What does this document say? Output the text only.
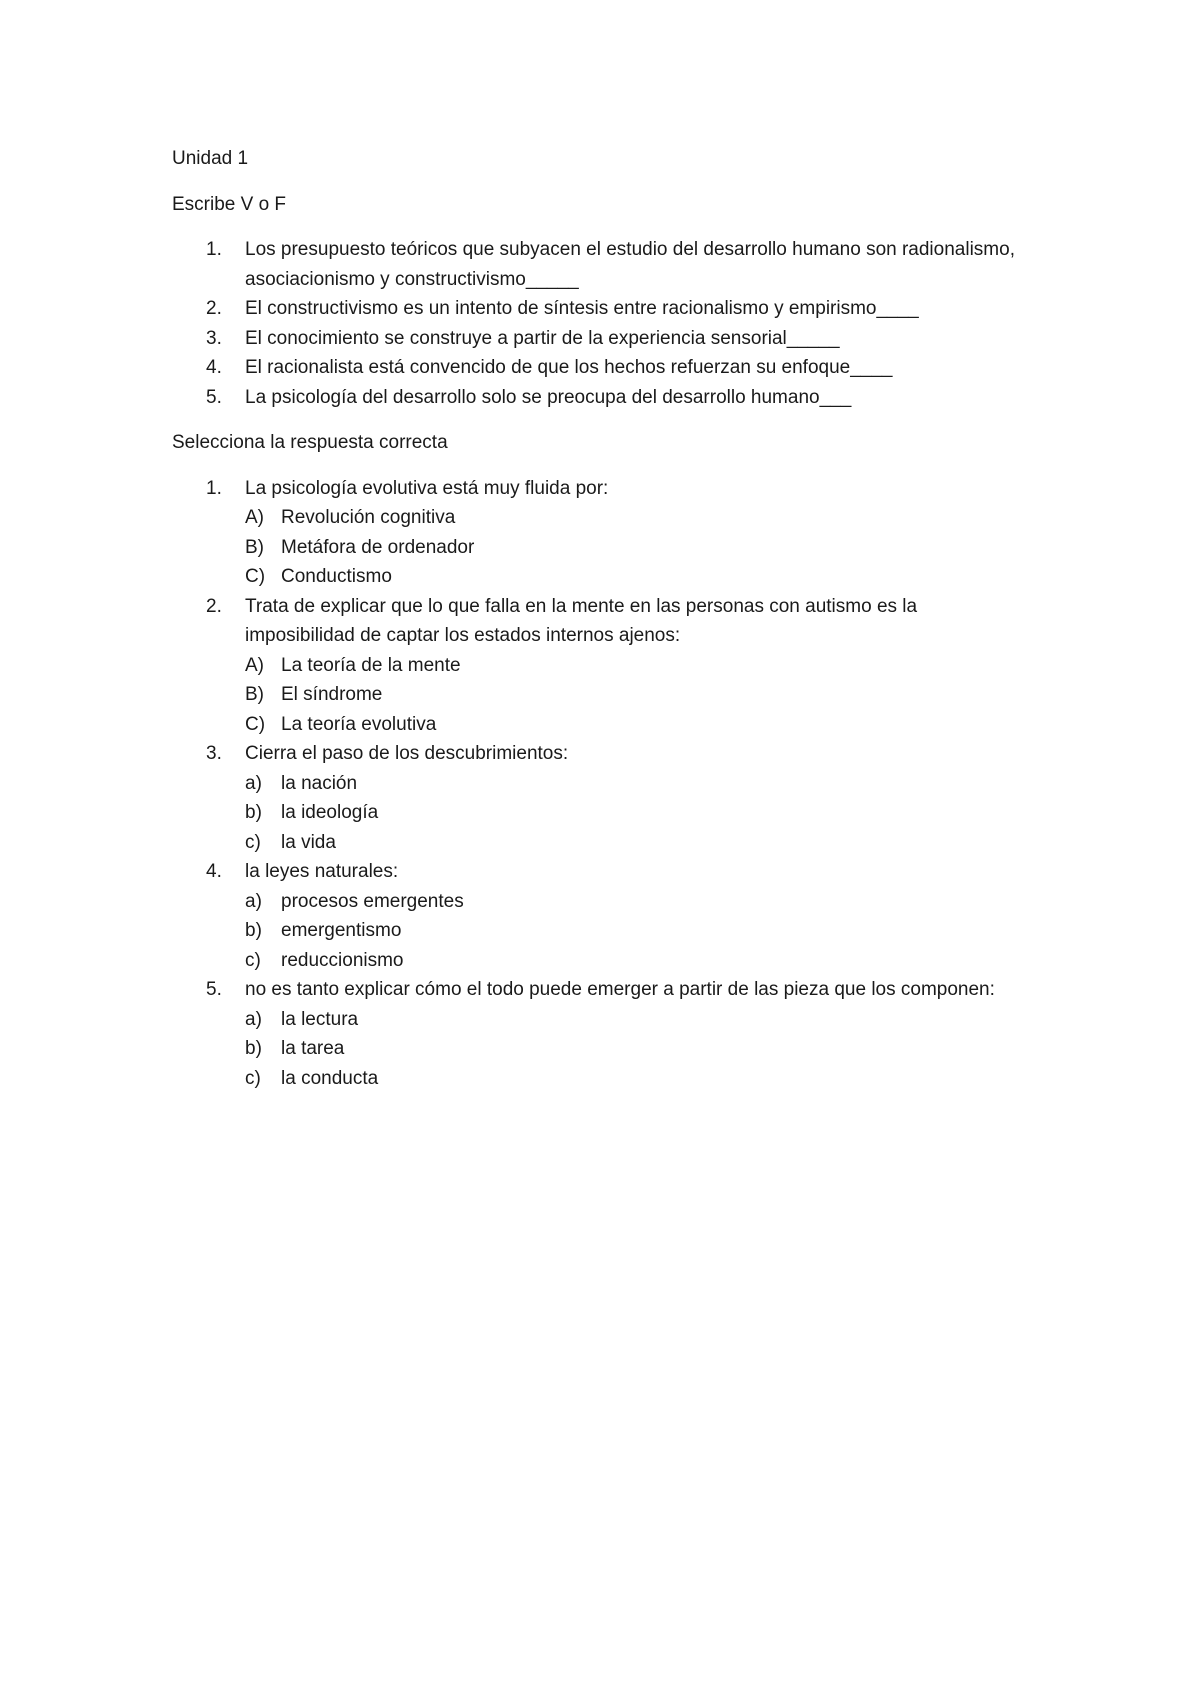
Unidad 1

Escribe V o F

1.	Los presupuesto teóricos que subyacen el estudio del desarrollo humano son radionalismo, asociacionismo y constructivismo_____
2.	El constructivismo es un intento de síntesis entre racionalismo y empirismo____
3.	El conocimiento se construye a partir de la experiencia sensorial_____
4.	El racionalista está convencido de que los hechos refuerzan su enfoque____
5.	La psicología del desarrollo solo se preocupa del desarrollo humano___

Selecciona la respuesta correcta

1.	La psicología evolutiva está muy fluida por:
A) Revolución cognitiva
B) Metáfora de ordenador
C) Conductismo
2.	Trata de explicar que lo que falla en la mente en las personas con autismo es la imposibilidad de captar los estados internos ajenos:
A) La teoría de la mente
B) El síndrome
C) La teoría evolutiva
3.	Cierra el paso de los descubrimientos:
a)	la nación
b)	la ideología
c)	la vida
4.	la leyes naturales:
a)	procesos emergentes
b)	emergentismo
c)	reduccionismo
5.	no es tanto explicar cómo el todo puede emerger a partir de las pieza que los componen:
a)	la lectura
b)	la tarea
c)	la conducta
